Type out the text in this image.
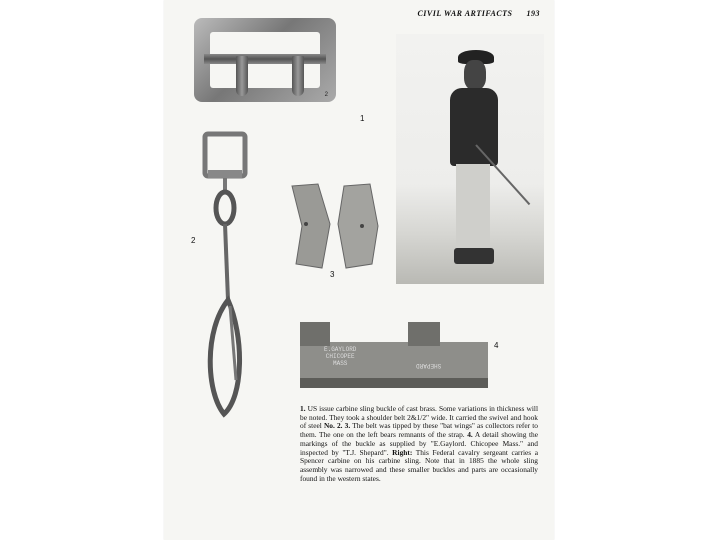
CIVIL WAR ARTIFACTS 193
2
1
2
3
E.GAYLORD
CHICOPEE
MASS	SHEPARD
4
1. US issue carbine sling buckle of cast brass. Some variations in thickness will be noted. They took a shoulder belt 2&1/2" wide. It carried the swivel and hook of steel No. 2. 3. The belt was tipped by these "bat wings" as collectors refer to them. The one on the left bears remnants of the strap. 4. A detail showing the markings of the buckle as supplied by "E.Gaylord. Chicopee Mass." and inspected by "T.J. Shepard". Right: This Federal cavalry sergeant carries a Spencer carbine on his carbine sling. Note that in 1885 the whole sling assembly was narrowed and these smaller buckles and parts are occasionally found in the western states.
